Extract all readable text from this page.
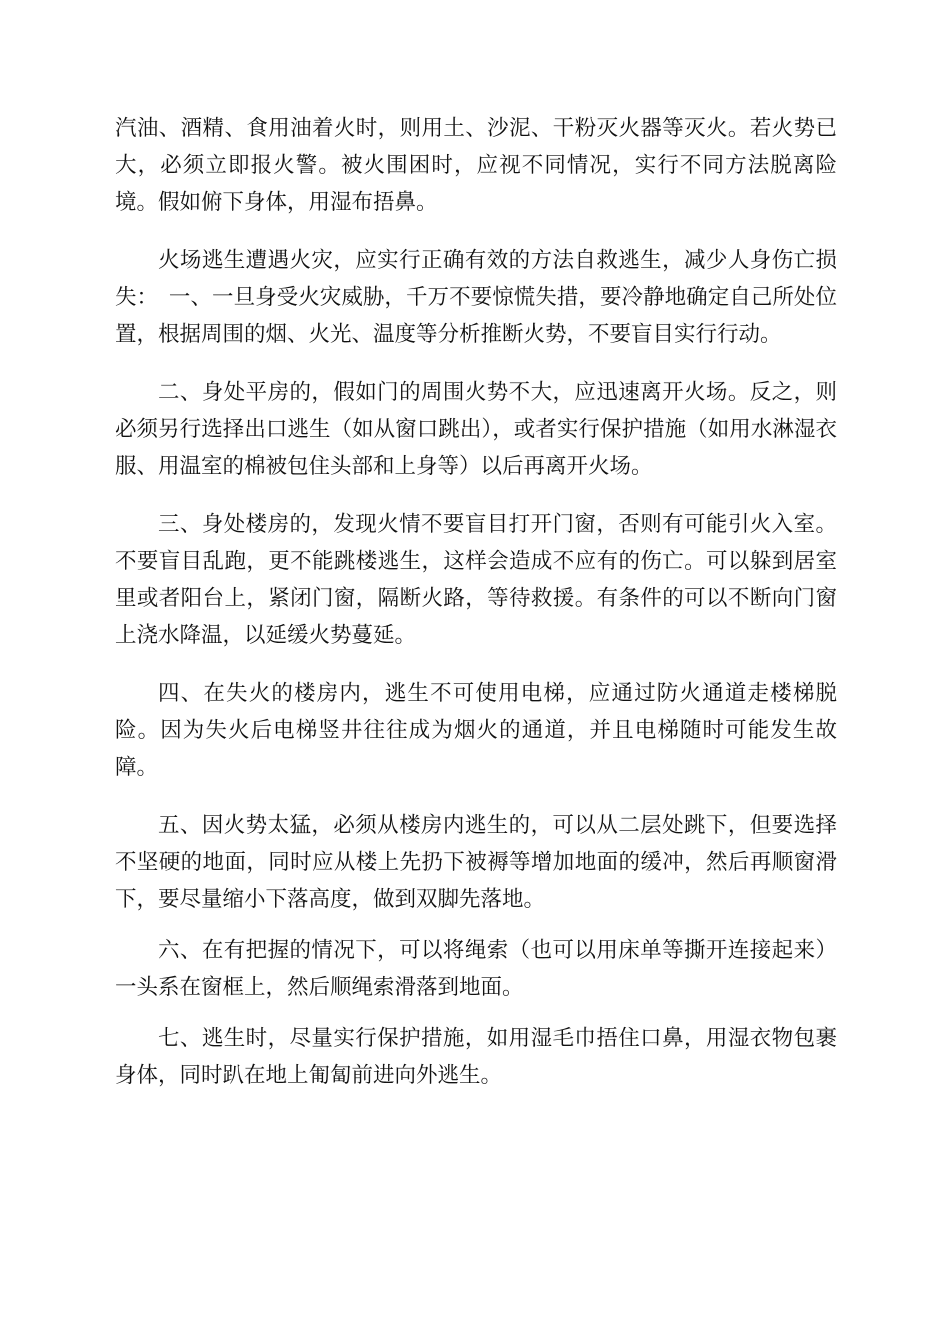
汽油、酒精、食用油着火时，则用土、沙泥、干粉灭火器等灭火。若火势已大，必须立即报火警。被火围困时，应视不同情况，实行不同方法脱离险境。假如俯下身体，用湿布捂鼻。

火场逃生遭遇火灾，应实行正确有效的方法自救逃生，减少人身伤亡损失：　一、一旦身受火灾威胁，千万不要惊慌失措，要冷静地确定自己所处位置，根据周围的烟、火光、温度等分析推断火势，不要盲目实行行动。

二、身处平房的，假如门的周围火势不大，应迅速离开火场。反之，则必须另行选择出口逃生（如从窗口跳出），或者实行保护措施（如用水淋湿衣服、用温室的棉被包住头部和上身等）以后再离开火场。

三、身处楼房的，发现火情不要盲目打开门窗，否则有可能引火入室。不要盲目乱跑，更不能跳楼逃生，这样会造成不应有的伤亡。可以躲到居室里或者阳台上，紧闭门窗，隔断火路，等待救援。有条件的可以不断向门窗上浇水降温，以延缓火势蔓延。

四、在失火的楼房内，逃生不可使用电梯，应通过防火通道走楼梯脱险。因为失火后电梯竖井往往成为烟火的通道，并且电梯随时可能发生故障。

五、因火势太猛，必须从楼房内逃生的，可以从二层处跳下，但要选择不坚硬的地面，同时应从楼上先扔下被褥等增加地面的缓冲，然后再顺窗滑下，要尽量缩小下落高度，做到双脚先落地。

六、在有把握的情况下，可以将绳索（也可以用床单等撕开连接起来）一头系在窗框上，然后顺绳索滑落到地面。

七、逃生时，尽量实行保护措施，如用湿毛巾捂住口鼻，用湿衣物包裹身体，同时趴在地上匍匐前进向外逃生。
